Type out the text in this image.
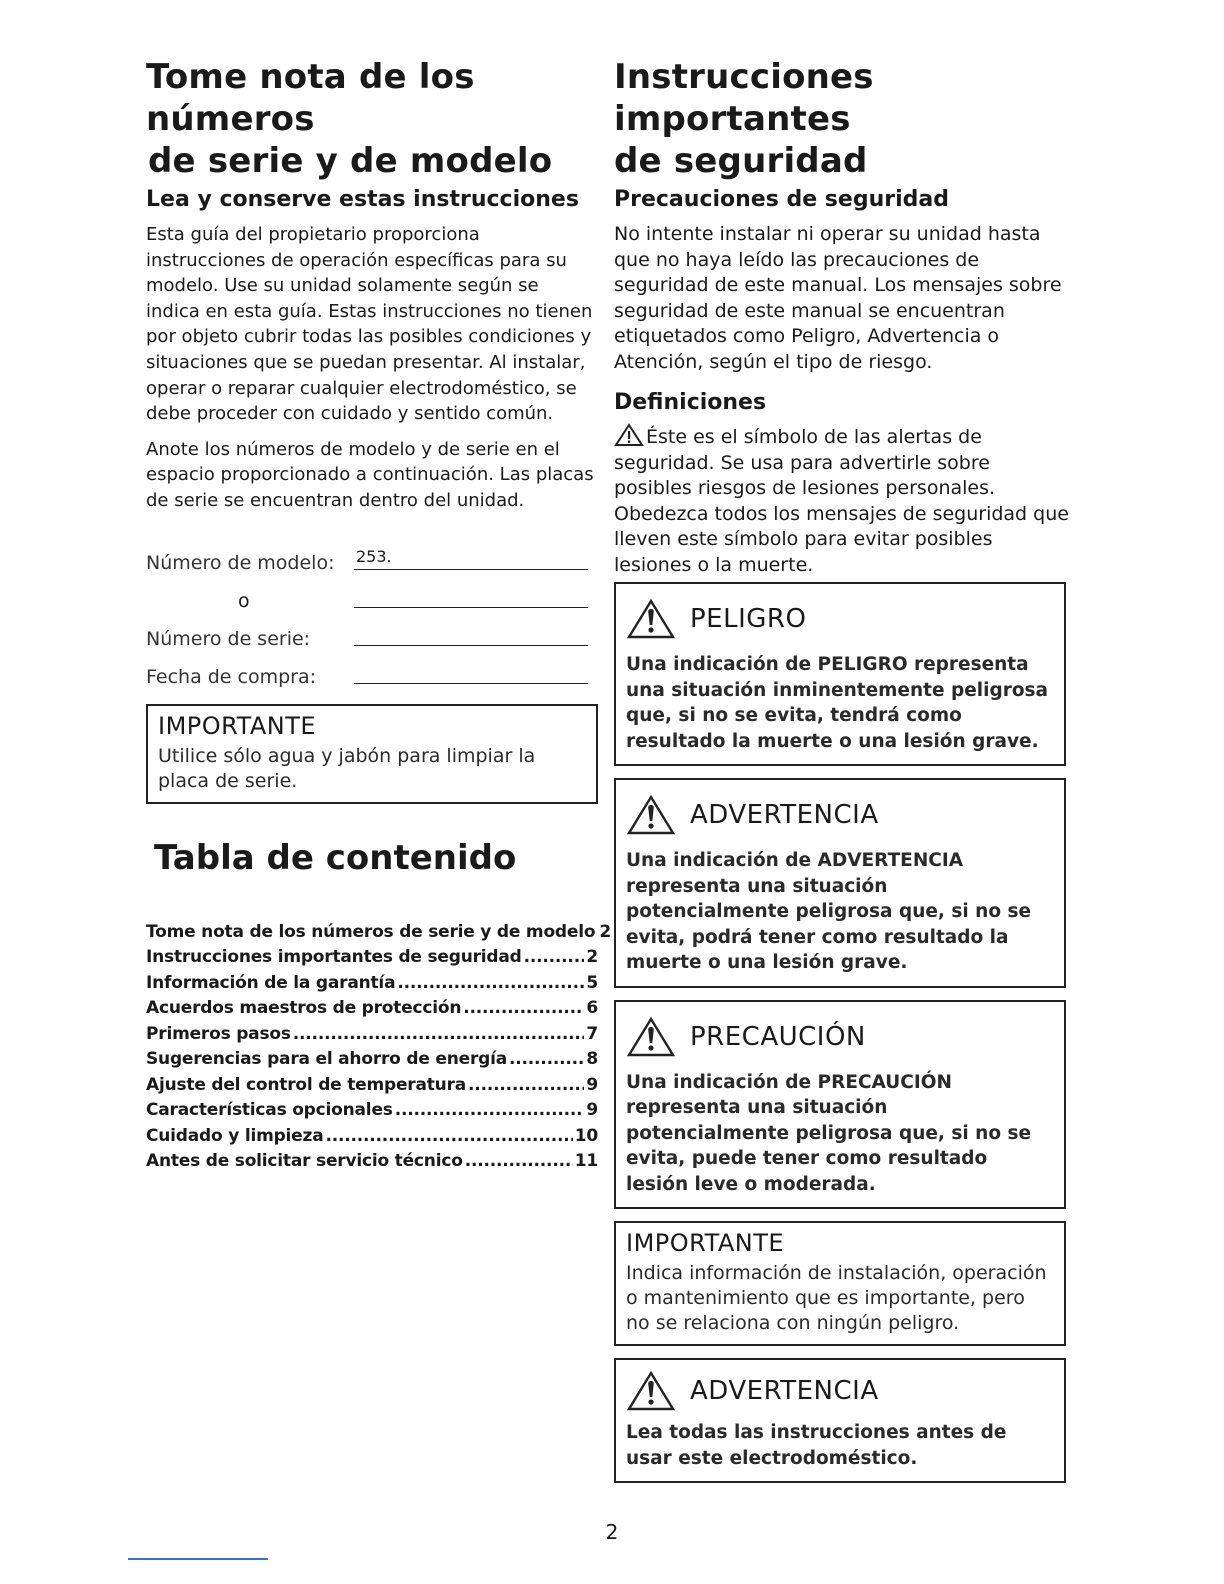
Tome nota de los números
de serie y de modelo
Lea y conserve estas instrucciones

Esta guía del propietario proporciona instrucciones de operación específicas para su modelo. Use su unidad solamente según se indica en esta guía. Estas instrucciones no tienen por objeto cubrir todas las posibles condiciones y situaciones que se puedan presentar. Al instalar, operar o reparar cualquier electrodoméstico, se debe proceder con cuidado y sentido común.

Anote los números de modelo y de serie en el espacio proporcionado a continuación. Las placas de serie se encuentran dentro del unidad.

Número de modelo: 253.
o
Número de serie:
Fecha de compra:
IMPORTANTE
Utilice sólo agua y jabón para limpiar la placa de serie.
Tabla de contenido
Tome nota de los números de serie y de modelo 2
Instrucciones importantes de seguridad .....	2
Información de la garantía .....	5
Acuerdos maestros de protección .....	6
Primeros pasos .....	7
Sugerencias para el ahorro de energía .....	8
Ajuste del control de temperatura .....	9
Características opcionales .....	9
Cuidado y limpieza .....	10
Antes de solicitar servicio técnico .....	11
Instrucciones importantes
de seguridad
Precauciones de seguridad

No intente instalar ni operar su unidad hasta que no haya leído las precauciones de seguridad de este manual. Los mensajes sobre seguridad de este manual se encuentran etiquetados como Peligro, Advertencia o Atención, según el tipo de riesgo.

Definiciones

Éste es el símbolo de las alertas de seguridad. Se usa para advertirle sobre posibles riesgos de lesiones personales. Obedezca todos los mensajes de seguridad que lleven este símbolo para evitar posibles lesiones o la muerte.

PELIGRO
Una indicación de PELIGRO representa una situación inminentemente peligrosa que, si no se evita, tendrá como resultado la muerte o una lesión grave.
ADVERTENCIA
Una indicación de ADVERTENCIA representa una situación potencialmente peligrosa que, si no se evita, podrá tener como resultado la muerte o una lesión grave.
PRECAUCIÓN
Una indicación de PRECAUCIÓN representa una situación potencialmente peligrosa que, si no se evita, puede tener como resultado lesión leve o moderada.
IMPORTANTE
Indica información de instalación, operación o mantenimiento que es importante, pero no se relaciona con ningún peligro.
ADVERTENCIA
Lea todas las instrucciones antes de usar este electrodoméstico.
2
